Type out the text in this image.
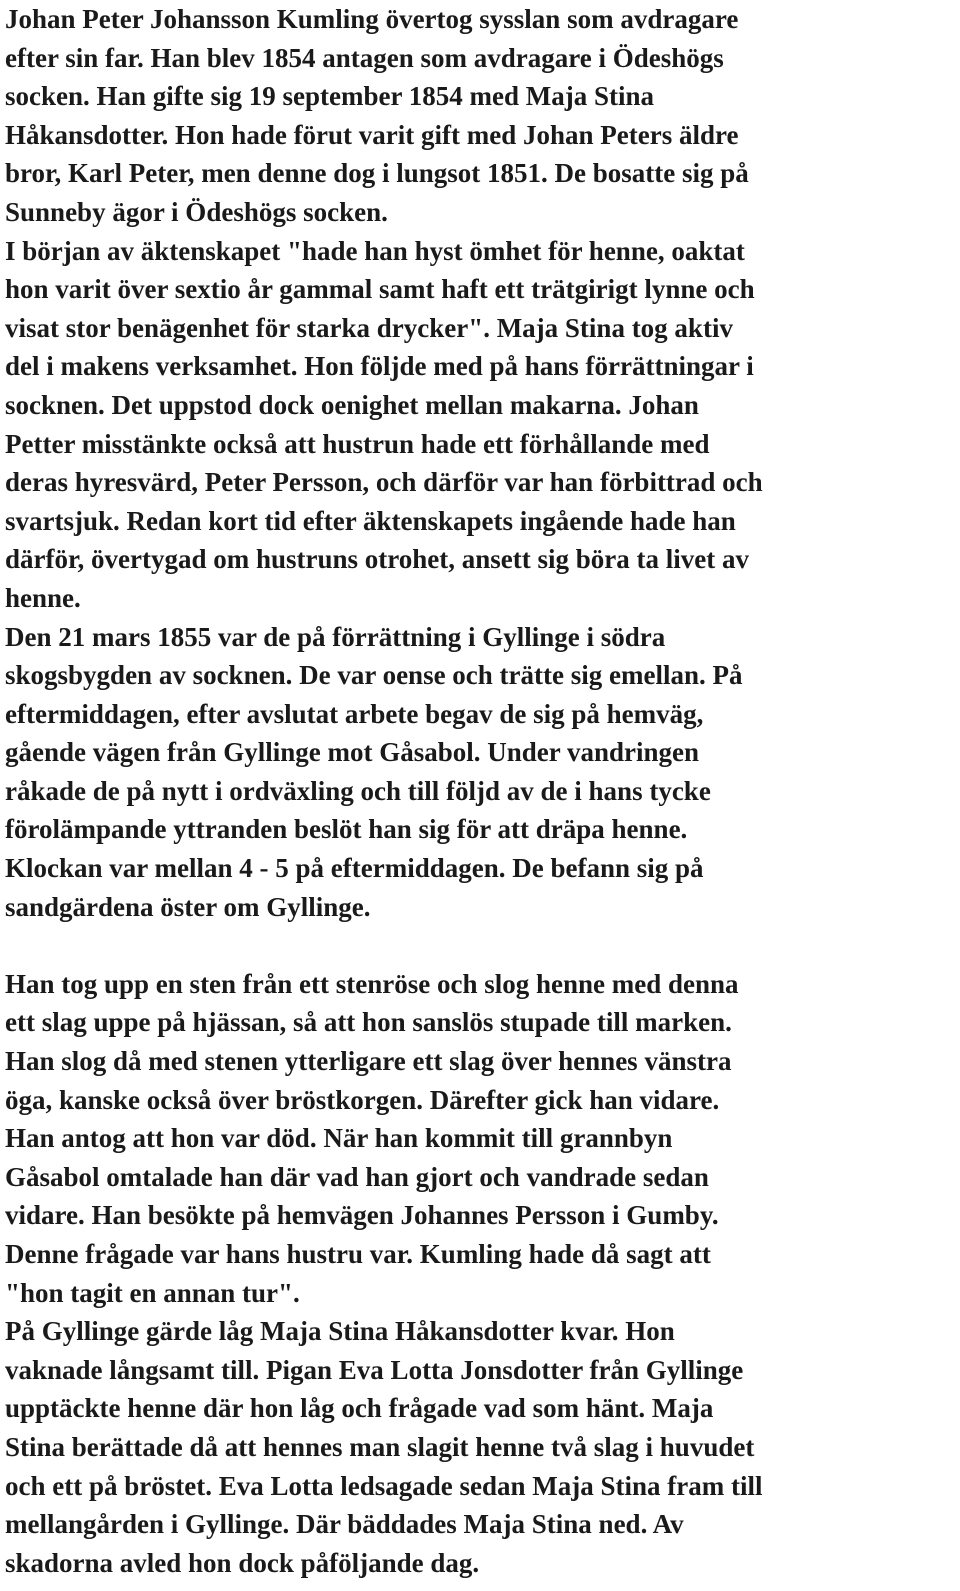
Johan Peter Johansson Kumling övertog sysslan som avdragare
efter sin far. Han blev 1854 antagen som avdragare i Ödeshögs
socken. Han gifte sig 19 september 1854 med Maja Stina
Håkansdotter. Hon hade förut varit gift med Johan Peters äldre
bror, Karl Peter, men denne dog i lungsot 1851. De bosatte sig på
Sunneby ägor i Ödeshögs socken.
I början av äktenskapet "hade han hyst ömhet för henne, oaktat
hon varit över sextio år gammal samt haft ett trätgirigt lynne och
visat stor benägenhet för starka drycker". Maja Stina tog aktiv
del i makens verksamhet. Hon följde med på hans förrättningar i
socknen. Det uppstod dock oenighet mellan makarna. Johan
Petter misstänkte också att hustrun hade ett förhållande med
deras hyresvärd, Peter Persson, och därför var han förbittrad och
svartsjuk. Redan kort tid efter äktenskapets ingående hade han
därför, övertygad om hustruns otrohet, ansett sig böra ta livet av
henne.
Den 21 mars 1855 var de på förrättning i Gyllinge i södra
skogsbygden av socknen. De var oense och trätte sig emellan. På
eftermiddagen, efter avslutat arbete begav de sig på hemväg,
gående vägen från Gyllinge mot Gåsabol. Under vandringen
råkade de på nytt i ordväxling och till följd av de i hans tycke
förolämpande yttranden beslöt han sig för att dräpa henne.
Klockan var mellan 4 - 5 på eftermiddagen. De befann sig på
sandgärdena öster om Gyllinge.
Han tog upp en sten från ett stenröse och slog henne med denna
ett slag uppe på hjässan, så att hon sanslös stupade till marken.
Han slog då med stenen ytterligare ett slag över hennes vänstra
öga, kanske också över bröstkorgen. Därefter gick han vidare.
Han antog att hon var död. När han kommit till grannbyn
Gåsabol omtalade han där vad han gjort och vandrade sedan
vidare. Han besökte på hemvägen Johannes Persson i Gumby.
Denne frågade var hans hustru var. Kumling hade då sagt att
"hon tagit en annan tur".
På Gyllinge gärde låg Maja Stina Håkansdotter kvar. Hon
vaknade långsamt till. Pigan Eva Lotta Jonsdotter från Gyllinge
upptäckte henne där hon låg och frågade vad som hänt. Maja
Stina berättade då att hennes man slagit henne två slag i huvudet
och ett på bröstet. Eva Lotta ledsagade sedan Maja Stina fram till
mellangården i Gyllinge. Där bäddades Maja Stina ned. Av
skadorna avled hon dock påföljande dag.
